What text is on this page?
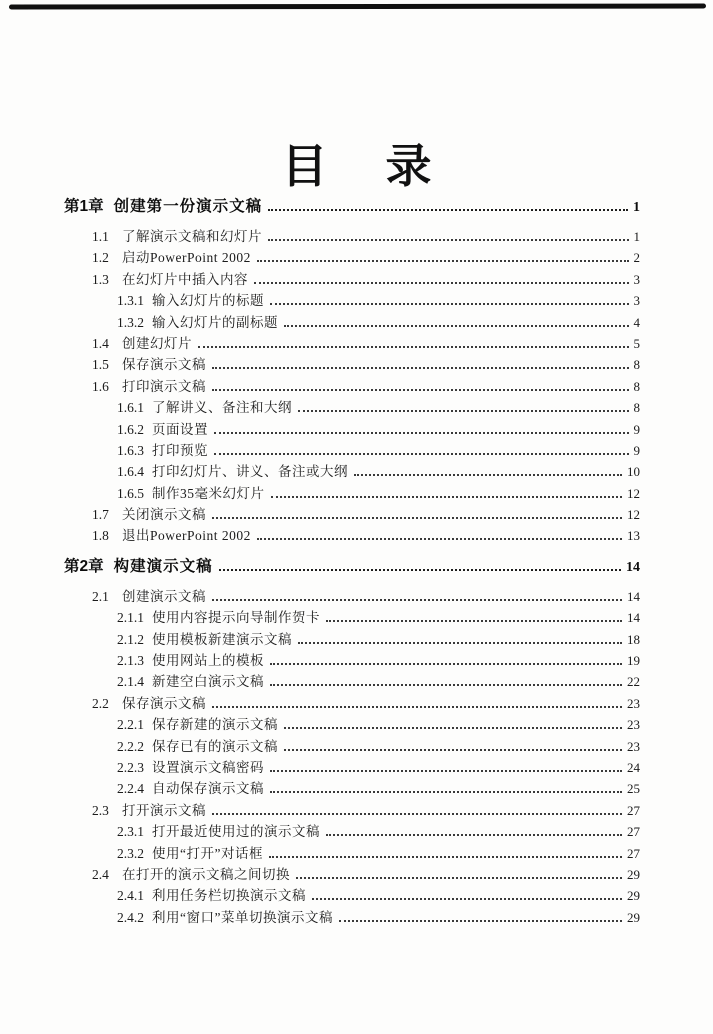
目 录
第1章 创建第一份演示文稿	1
1.1 了解演示文稿和幻灯片	1
1.2 启动PowerPoint 2002	2
1.3 在幻灯片中插入内容	3
1.3.1 输入幻灯片的标题	3
1.3.2 输入幻灯片的副标题	4
1.4 创建幻灯片	5
1.5 保存演示文稿	8
1.6 打印演示文稿	8
1.6.1 了解讲义、备注和大纲	8
1.6.2 页面设置	9
1.6.3 打印预览	9
1.6.4 打印幻灯片、讲义、备注或大纲	10
1.6.5 制作35毫米幻灯片	12
1.7 关闭演示文稿	12
1.8 退出PowerPoint 2002	13
第2章 构建演示文稿	14
2.1 创建演示文稿	14
2.1.1 使用内容提示向导制作贺卡	14
2.1.2 使用模板新建演示文稿	18
2.1.3 使用网站上的模板	19
2.1.4 新建空白演示文稿	22
2.2 保存演示文稿	23
2.2.1 保存新建的演示文稿	23
2.2.2 保存已有的演示文稿	23
2.2.3 设置演示文稿密码	24
2.2.4 自动保存演示文稿	25
2.3 打开演示文稿	27
2.3.1 打开最近使用过的演示文稿	27
2.3.2 使用“打开”对话框	27
2.4 在打开的演示文稿之间切换	29
2.4.1 利用任务栏切换演示文稿	29
2.4.2 利用“窗口”菜单切换演示文稿	29
